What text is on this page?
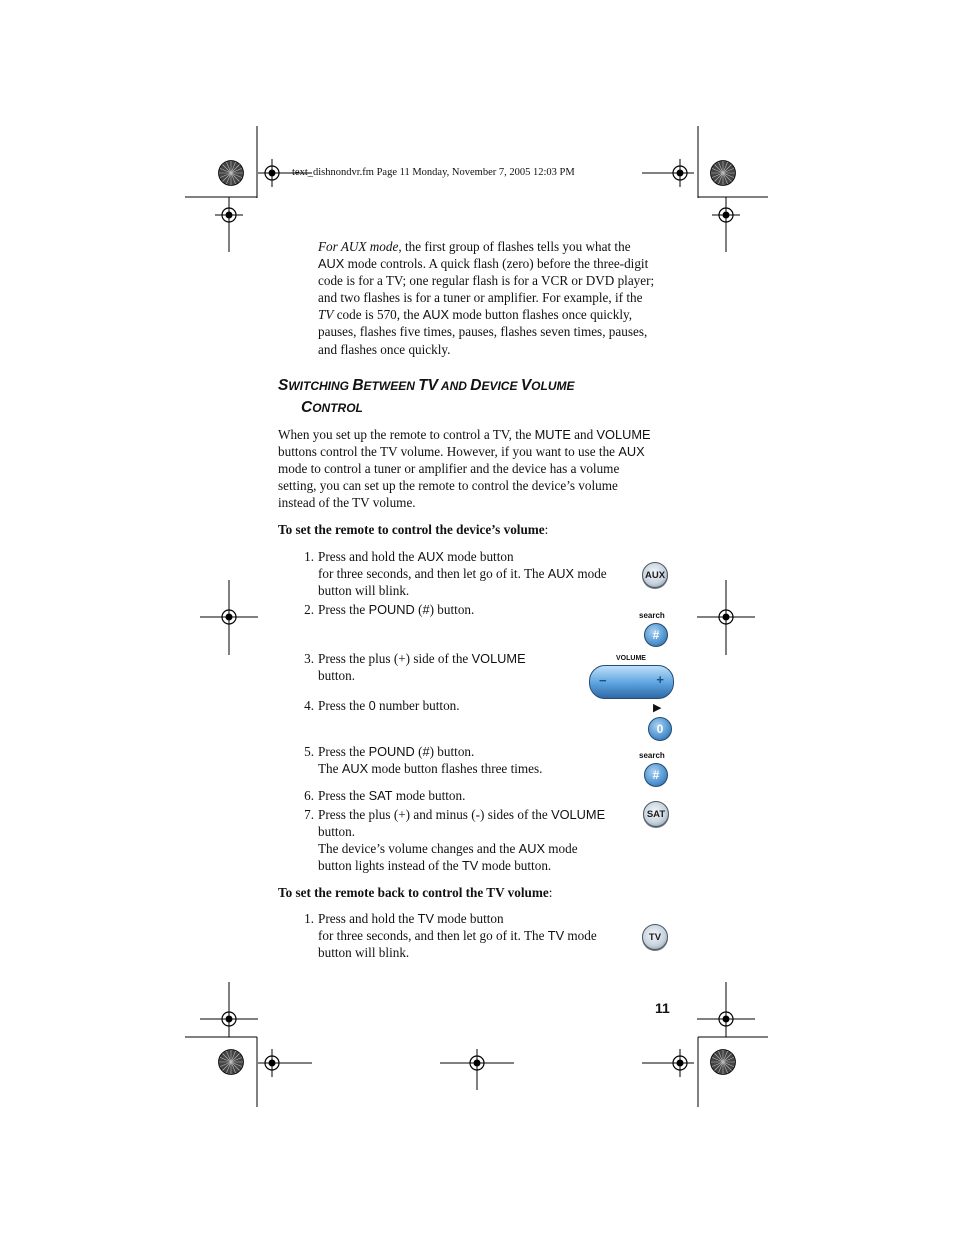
text_dishnondvr.fm Page 11 Monday, November 7, 2005 12:03 PM
For AUX mode, the first group of flashes tells you what the
AUX mode controls. A quick flash (zero) before the three-digit
code is for a TV; one regular flash is for a VCR or DVD player;
and two flashes is for a tuner or amplifier. For example, if the
TV code is 570, the AUX mode button flashes once quickly,
pauses, flashes five times, pauses, flashes seven times, pauses,
and flashes once quickly.
SWITCHING BETWEEN TV AND DEVICE VOLUME
CONTROL
When you set up the remote to control a TV, the MUTE and VOLUME
buttons control the TV volume. However, if you want to use the AUX
mode to control a tuner or amplifier and the device has a volume
setting, you can set up the remote to control the device’s volume
instead of the TV volume.
To set the remote to control the device’s volume:
1. Press and hold the AUX mode button
for three seconds, and then let go of it. The AUX mode
button will blink.
2. Press the POUND (#) button.
3. Press the plus (+) side of the VOLUME
button.
4. Press the 0 number button.
5. Press the POUND (#) button.
The AUX mode button flashes three times.
6. Press the SAT mode button.
7. Press the plus (+) and minus (-) sides of the VOLUME
button.
The device’s volume changes and the AUX mode
button lights instead of the TV mode button.
To set the remote back to control the TV volume:
1. Press and hold the TV mode button
for three seconds, and then let go of it. The TV mode
button will blink.
AUX
search
#
VOLUME
−	+
▶
0
search
#
SAT
TV
11
